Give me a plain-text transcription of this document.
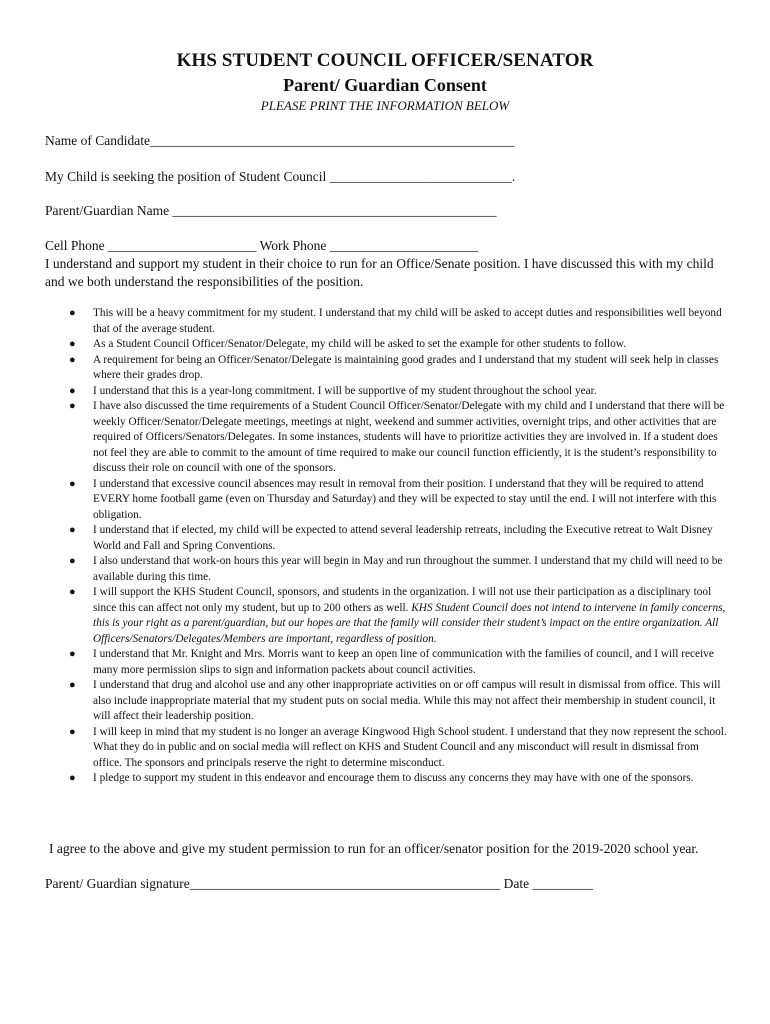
KHS STUDENT COUNCIL OFFICER/SENATOR
Parent/ Guardian Consent
PLEASE PRINT THE INFORMATION BELOW
Name of Candidate______________________________________________________
My Child is seeking the position of Student Council ___________________________.
Parent/Guardian Name ________________________________________________
Cell Phone ______________________ Work Phone ______________________
I understand and support my student in their choice to run for an Office/Senate position. I have discussed this with my child and we both understand the responsibilities of the position.
● This will be a heavy commitment for my student. I understand that my child will be asked to accept duties and responsibilities well beyond that of the average student.
● As a Student Council Officer/Senator/Delegate, my child will be asked to set the example for other students to follow.
● A requirement for being an Officer/Senator/Delegate is maintaining good grades and I understand that my student will seek help in classes where their grades drop.
● I understand that this is a year-long commitment. I will be supportive of my student throughout the school year.
● I have also discussed the time requirements of a Student Council Officer/Senator/Delegate with my child and I understand that there will be weekly Officer/Senator/Delegate meetings, meetings at night, weekend and summer activities, overnight trips, and other activities that are required of Officers/Senators/Delegates. In some instances, students will have to prioritize activities they are involved in. If a student does not feel they are able to commit to the amount of time required to make our council function efficiently, it is the student’s responsibility to discuss their role on council with one of the sponsors.
● I understand that excessive council absences may result in removal from their position. I understand that they will be required to attend EVERY home football game (even on Thursday and Saturday) and they will be expected to stay until the end. I will not interfere with this obligation.
● I understand that if elected, my child will be expected to attend several leadership retreats, including the Executive retreat to Walt Disney World and Fall and Spring Conventions.
● I also understand that work-on hours this year will begin in May and run throughout the summer. I understand that my child will need to be available during this time.
● I will support the KHS Student Council, sponsors, and students in the organization. I will not use their participation as a disciplinary tool since this can affect not only my student, but up to 200 others as well. KHS Student Council does not intend to intervene in family concerns, this is your right as a parent/guardian, but our hopes are that the family will consider their student’s impact on the entire organization. All Officers/Senators/Delegates/Members are important, regardless of position.
● I understand that Mr. Knight and Mrs. Morris want to keep an open line of communication with the families of council, and I will receive many more permission slips to sign and information packets about council activities.
● I understand that drug and alcohol use and any other inappropriate activities on or off campus will result in dismissal from office. This will also include inappropriate material that my student puts on social media. While this may not affect their membership in student council, it will affect their leadership position.
● I will keep in mind that my student is no longer an average Kingwood High School student. I understand that they now represent the school. What they do in public and on social media will reflect on KHS and Student Council and any misconduct will result in dismissal from office. The sponsors and principals reserve the right to determine misconduct.
● I pledge to support my student in this endeavor and encourage them to discuss any concerns they may have with one of the sponsors.
I agree to the above and give my student permission to run for an officer/senator position for the 2019-2020 school year.
Parent/ Guardian signature______________________________________________ Date _________
